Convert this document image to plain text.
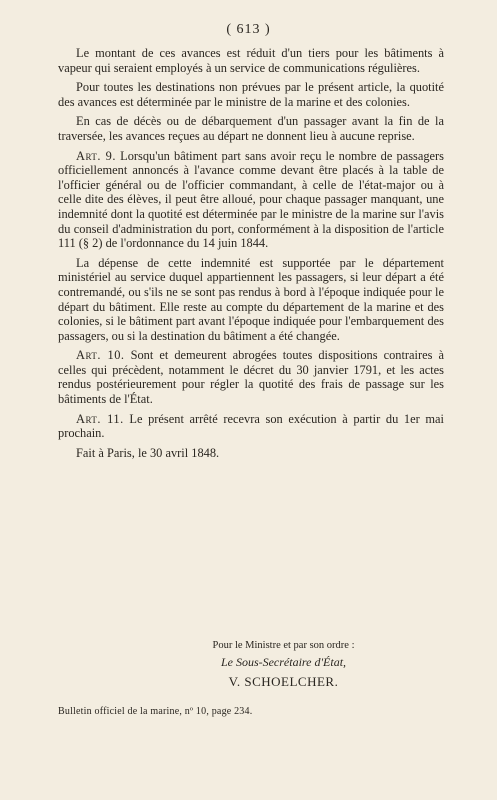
( 613 )

Le montant de ces avances est réduit d'un tiers pour les bâtiments à vapeur qui seraient employés à un service de communications régulières.

Pour toutes les destinations non prévues par le présent article, la quotité des avances est déterminée par le ministre de la marine et des colonies.

En cas de décès ou de débarquement d'un passager avant la fin de la traversée, les avances reçues au départ ne donnent lieu à aucune reprise.

Art. 9. Lorsqu'un bâtiment part sans avoir reçu le nombre de passagers officiellement annoncés à l'avance comme devant être placés à la table de l'officier général ou de l'officier commandant, à celle de l'état-major ou à celle dite des élèves, il peut être alloué, pour chaque passager manquant, une indemnité dont la quotité est déterminée par le ministre de la marine sur l'avis du conseil d'administration du port, conformément à la disposition de l'article 111 (§ 2) de l'ordonnance du 14 juin 1844.

La dépense de cette indemnité est supportée par le département ministériel au service duquel appartiennent les passagers, si leur départ a été contremandé, ou s'ils ne se sont pas rendus à bord à l'époque indiquée pour le départ du bâtiment. Elle reste au compte du département de la marine et des colonies, si le bâtiment part avant l'époque indiquée pour l'embarquement des passagers, ou si la destination du bâtiment a été changée.

Art. 10. Sont et demeurent abrogées toutes dispositions contraires à celles qui précèdent, notamment le décret du 30 janvier 1791, et les actes rendus postérieurement pour régler la quotité des frais de passage sur les bâtiments de l'État.

Art. 11. Le présent arrêté recevra son exécution à partir du 1er mai prochain.

Fait à Paris, le 30 avril 1848.

Pour le Ministre et par son ordre :
Le Sous-Secrétaire d'État,
V. SCHOELCHER.
Bulletin officiel de la marine, nº 10, page 234.
